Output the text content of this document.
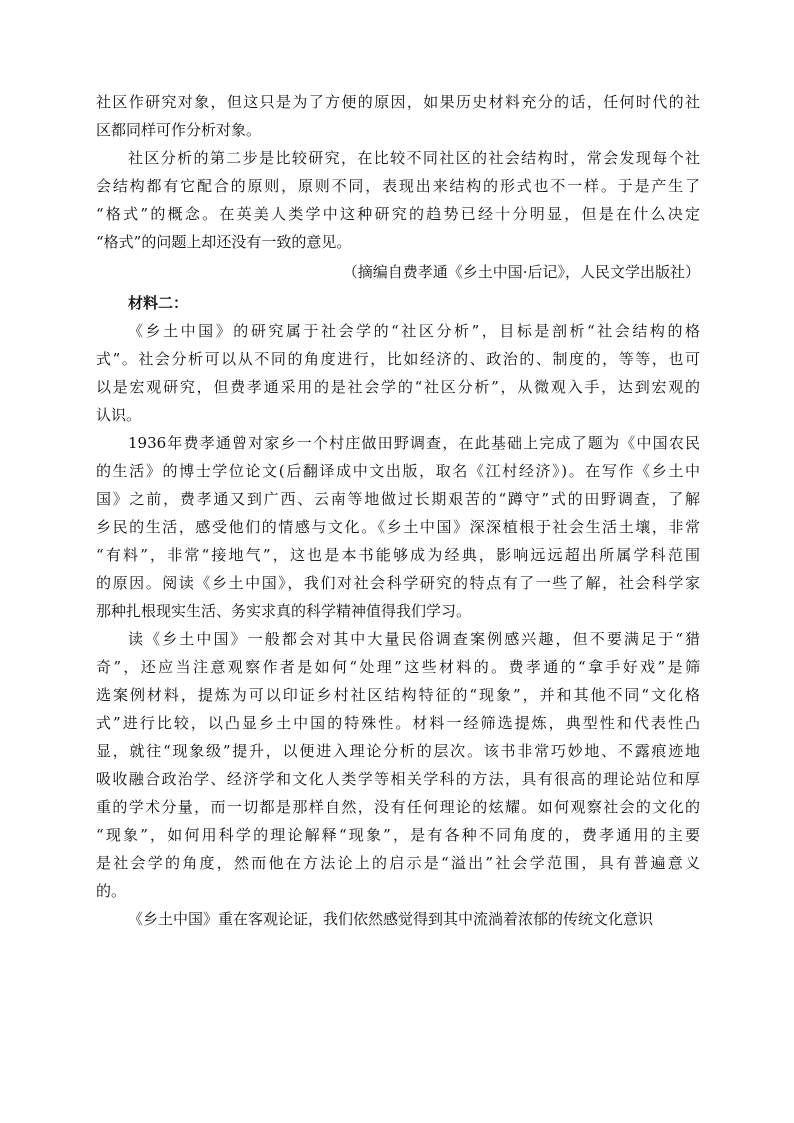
社区作研究对象，但这只是为了方便的原因，如果历史材料充分的话，任何时代的社
区都同样可作分析对象。

社区分析的第二步是比较研究，在比较不同社区的社会结构时，常会发现每个社
会结构都有它配合的原则，原则不同，表现出来结构的形式也不一样。于是产生了
“格式”的概念。在英美人类学中这种研究的趋势已经十分明显，但是在什么决定
“格式”的问题上却还没有一致的意见。

（摘编自费孝通《乡土中国·后记》，人民文学出版社）
材料二：

《乡土中国》的研究属于社会学的“社区分析”，目标是剖析“社会结构的格
式”。社会分析可以从不同的角度进行，比如经济的、政治的、制度的，等等，也可
以是宏观研究，但费孝通采用的是社会学的“社区分析”，从微观入手，达到宏观的
认识。

1936年费孝通曾对家乡一个村庄做田野调查，在此基础上完成了题为《中国农民
的生活》的博士学位论文(后翻译成中文出版，取名《江村经济》)。在写作《乡土中
国》之前，费孝通又到广西、云南等地做过长期艰苦的“蹲守”式的田野调查，了解
乡民的生活，感受他们的情感与文化。《乡土中国》深深植根于社会生活土壤，非常
“有料”，非常“接地气”，这也是本书能够成为经典，影响远远超出所属学科范围
的原因。阅读《乡土中国》，我们对社会科学研究的特点有了一些了解，社会科学家
那种扎根现实生活、务实求真的科学精神值得我们学习。

读《乡土中国》一般都会对其中大量民俗调查案例感兴趣，但不要满足于“猎
奇”，还应当注意观察作者是如何“处理”这些材料的。费孝通的“拿手好戏”是筛
选案例材料，提炼为可以印证乡村社区结构特征的“现象”，并和其他不同“文化格
式”进行比较，以凸显乡土中国的特殊性。材料一经筛选提炼，典型性和代表性凸
显，就往“现象级”提升，以便进入理论分析的层次。该书非常巧妙地、不露痕迹地
吸收融合政治学、经济学和文化人类学等相关学科的方法，具有很高的理论站位和厚
重的学术分量，而一切都是那样自然，没有任何理论的炫耀。如何观察社会的文化的
“现象”，如何用科学的理论解释“现象”，是有各种不同角度的，费孝通用的主要
是社会学的角度，然而他在方法论上的启示是“溢出”社会学范围，具有普遍意义
的。

《乡土中国》重在客观论证，我们依然感觉得到其中流淌着浓郁的传统文化意识
